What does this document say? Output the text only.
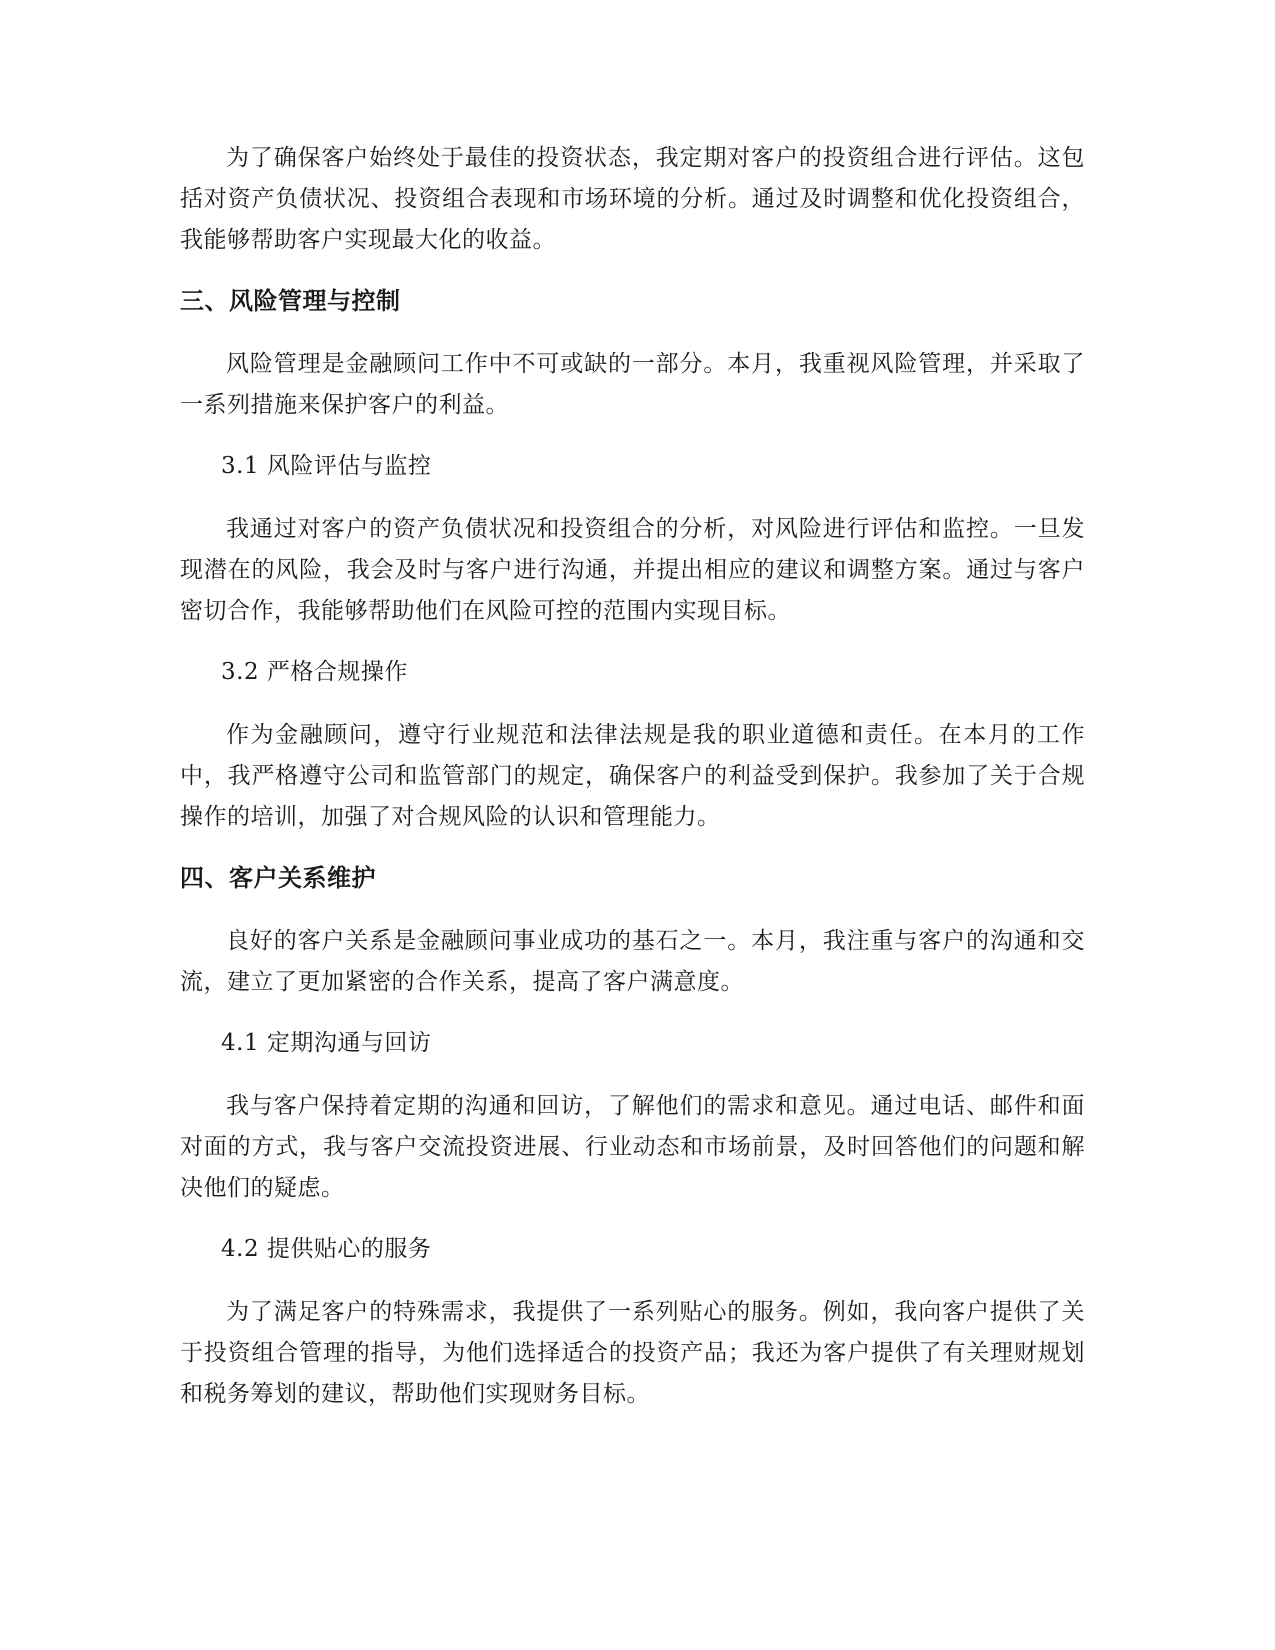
为了确保客户始终处于最佳的投资状态，我定期对客户的投资组合进行评估。这包括对资产负债状况、投资组合表现和市场环境的分析。通过及时调整和优化投资组合，我能够帮助客户实现最大化的收益。

三、风险管理与控制

风险管理是金融顾问工作中不可或缺的一部分。本月，我重视风险管理，并采取了一系列措施来保护客户的利益。

3.1 风险评估与监控

我通过对客户的资产负债状况和投资组合的分析，对风险进行评估和监控。一旦发现潜在的风险，我会及时与客户进行沟通，并提出相应的建议和调整方案。通过与客户密切合作，我能够帮助他们在风险可控的范围内实现目标。

3.2 严格合规操作

作为金融顾问，遵守行业规范和法律法规是我的职业道德和责任。在本月的工作中，我严格遵守公司和监管部门的规定，确保客户的利益受到保护。我参加了关于合规操作的培训，加强了对合规风险的认识和管理能力。

四、客户关系维护

良好的客户关系是金融顾问事业成功的基石之一。本月，我注重与客户的沟通和交流，建立了更加紧密的合作关系，提高了客户满意度。

4.1 定期沟通与回访

我与客户保持着定期的沟通和回访，了解他们的需求和意见。通过电话、邮件和面对面的方式，我与客户交流投资进展、行业动态和市场前景，及时回答他们的问题和解决他们的疑虑。

4.2 提供贴心的服务

为了满足客户的特殊需求，我提供了一系列贴心的服务。例如，我向客户提供了关于投资组合管理的指导，为他们选择适合的投资产品；我还为客户提供了有关理财规划和税务筹划的建议，帮助他们实现财务目标。
